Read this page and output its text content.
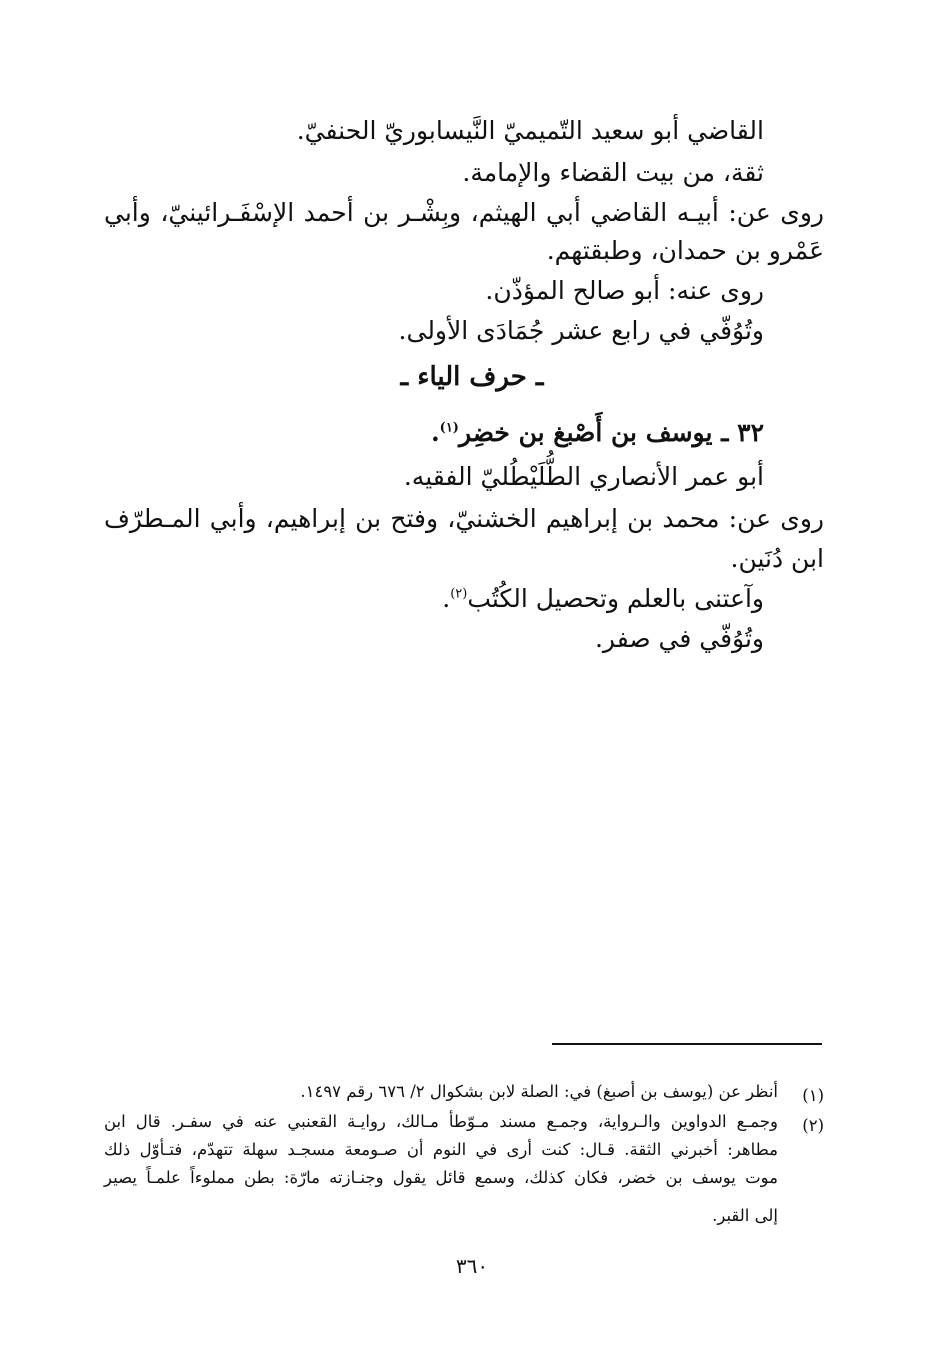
القاضي أبو سعيد التّميميّ النَّيسابوريّ الحنفيّ.
ثقة، من بيت القضاء والإمامة.
روى عن: أبيـه القاضي أبي الهيثم، وبِشْـر بن أحمد الإسْفَـرائينيّ، وأبي
عَمْرو بن حمدان، وطبقتهم.
روى عنه: أبو صالح المؤذّن.
وتُوُفّي في رابع عشر جُمَادَى الأولى.
ـ حرف الياء ـ
٣٢ ـ يوسف بن أَصْبغ بن خضِر$^{(١)}$.
أبو عمر الأنصاري الطُّلَيْطُليّ الفقيه.
روى عن: محمد بن إبراهيم الخشنيّ، وفتح بن إبراهيم، وأبي المـطرّف
ابن دُنَين.
وآعتنى بالعلم وتحصيل الكُتُب$^{(٢)}$.
وتُوُفّي في صفر.
(١)
أنظر عن (يوسف بن أصبغ) في: الصلة لابن بشكوال ٢/ ٦٧٦ رقم ١٤٩٧.
(٢)
وجمـع الدواوين والـرواية، وجمـع مسند مـوّطأ مـالك، روايـة القعنبي عنه في سفـر. قال ابن
مطاهر: أخبرني الثقة. قـال: كنت أرى في النوم أن صـومعة مسجـد سهلة تتهدّم، فتـأوّل ذلك
موت يوسف بن خضر، فكان كذلك، وسمع قائل يقول وجنـازته مارّة: بطن مملوءاً علمـاً يصير
إلى القبر.
٣٦٠
